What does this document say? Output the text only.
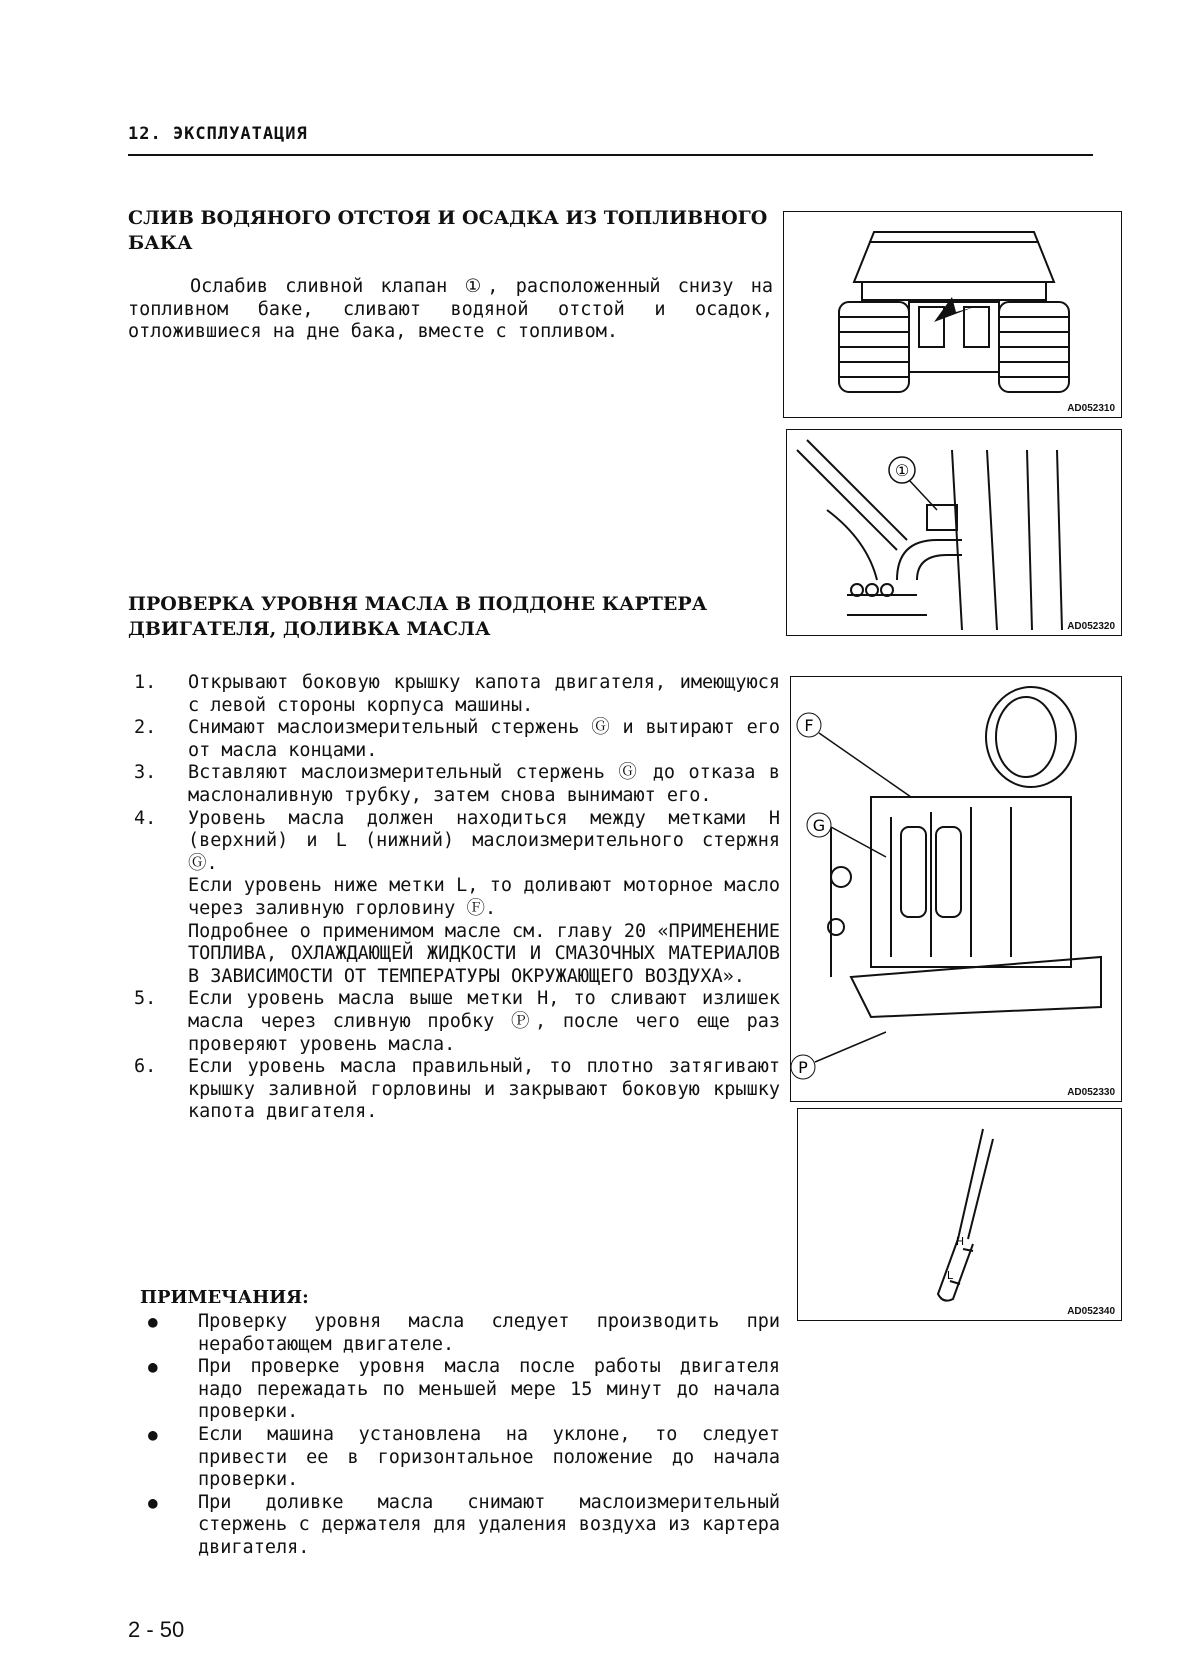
12. ЭКСПЛУАТАЦИЯ
СЛИВ ВОДЯНОГО ОТСТОЯ И ОСАДКА ИЗ ТОПЛИВНОГО БАКА
Ослабив сливной клапан ①, расположенный снизу на топливном баке, сливают водяной отстой и осадок, отложившиеся на дне бака, вместе с топливом.
ПРОВЕРКА УРОВНЯ МАСЛА В ПОДДОНЕ КАРТЕРА ДВИГАТЕЛЯ, ДОЛИВКА МАСЛА
1. Открывают боковую крышку капота двигателя, имеющуюся с левой стороны корпуса машины.
2. Снимают маслоизмерительный стержень Ⓖ и вытирают его от масла концами.
3. Вставляют маслоизмерительный стержень Ⓖ до отказа в маслоналивную трубку, затем снова вынимают его.
4. Уровень масла должен находиться между метками H (верхний) и L (нижний) маслоизмерительного стержня Ⓖ.
Если уровень ниже метки L, то доливают моторное масло через заливную горловину Ⓕ.
Подробнее о применимом масле см. главу 20 «ПРИМЕНЕНИЕ ТОПЛИВА, ОХЛАЖДАЮЩЕЙ ЖИДКОСТИ И СМАЗОЧНЫХ МАТЕРИАЛОВ В ЗАВИСИМОСТИ ОТ ТЕМПЕРАТУРЫ ОКРУЖАЮЩЕГО ВОЗДУХА».
5. Если уровень масла выше метки H, то сливают излишек масла через сливную пробку Ⓟ, после чего еще раз проверяют уровень масла.
6. Если уровень масла правильный, то плотно затягивают крышку заливной горловины и закрывают боковую крышку капота двигателя.
ПРИМЕЧАНИЯ:
● Проверку уровня масла следует производить при неработающем двигателе.
● При проверке уровня масла после работы двигателя надо пережадать по меньшей мере 15 минут до начала проверки.
● Если машина установлена на уклоне, то следует привести ее в горизонтальное положение до начала проверки.
● При доливке масла снимают маслоизмерительный стержень с держателя для удаления воздуха из картера двигателя.
AD052310
①
AD052320
F
G
P
AD052330
H
L
AD052340
2 - 50
